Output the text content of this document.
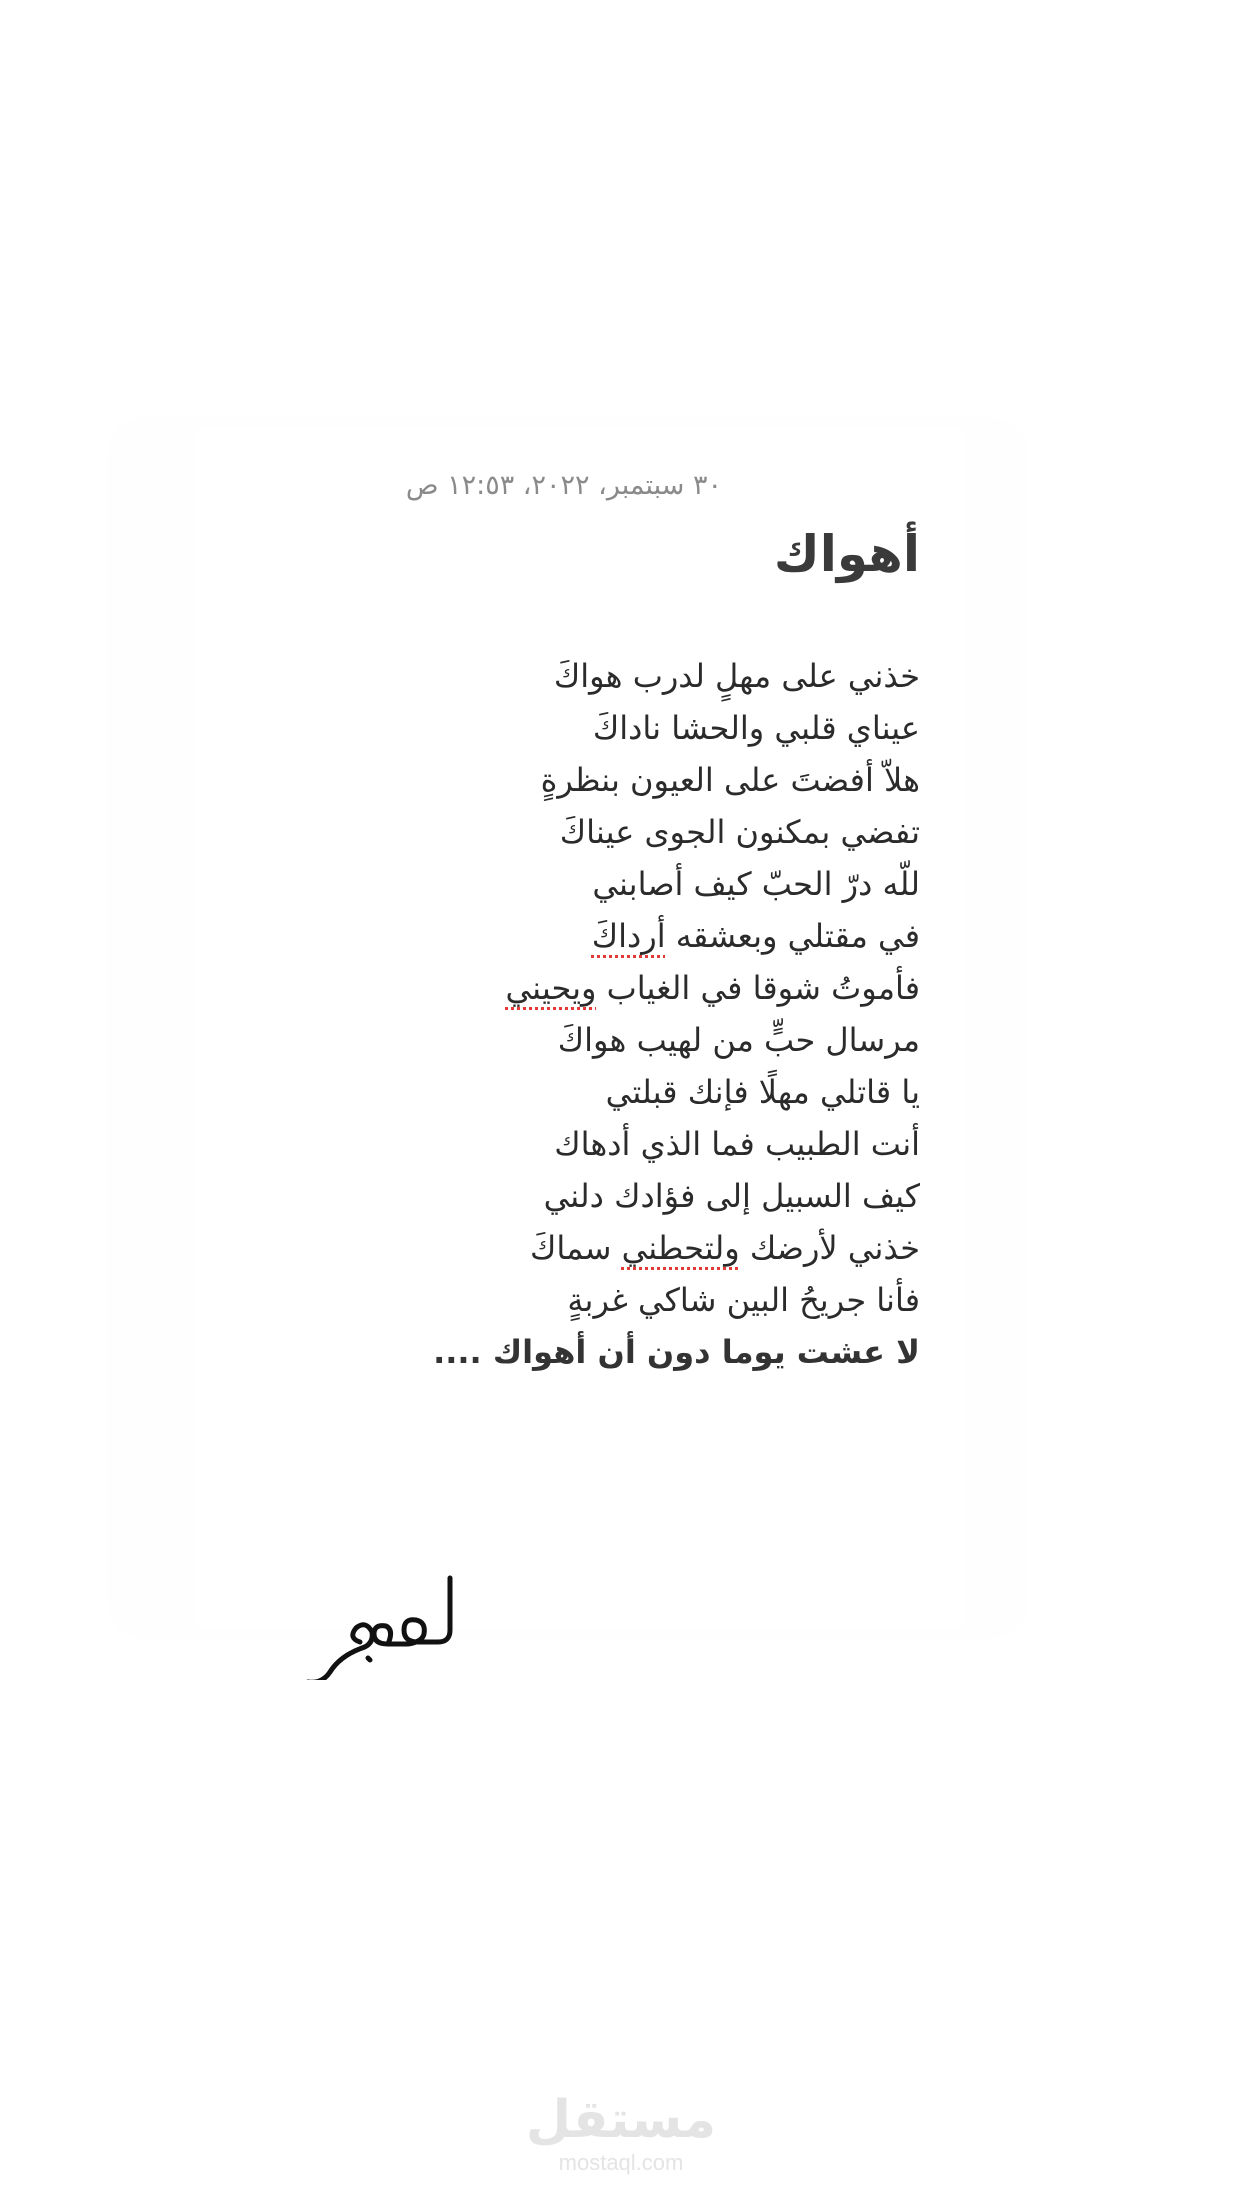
٣٠ سبتمبر، ٢٠٢٢، ١٢:٥٣ ص
أهواك
خذني على مهلٍ لدرب هواكَ
عيناي قلبي والحشا ناداكَ
هلاّ أفضتَ على العيون بنظرةٍ
تفضي بمكنون الجوى عيناكَ
للّه درّ الحبّ كيف أصابني
في مقتلي وبعشقه أرداكَ
فأموتُ شوقا في الغياب ويحيني
مرسال حبٍّ من لهيب هواكَ
يا قاتلي مهلًا فإنك قبلتي
أنت الطبيب فما الذي أدهاك
كيف السبيل إلى فؤادك دلني
خذني لأرضك ولتحطني سماكَ
فأنا جريحُ البين شاكي غربةٍ
لا عشت يوما دون أن أهواك ....
مستقل
mostaql.com
